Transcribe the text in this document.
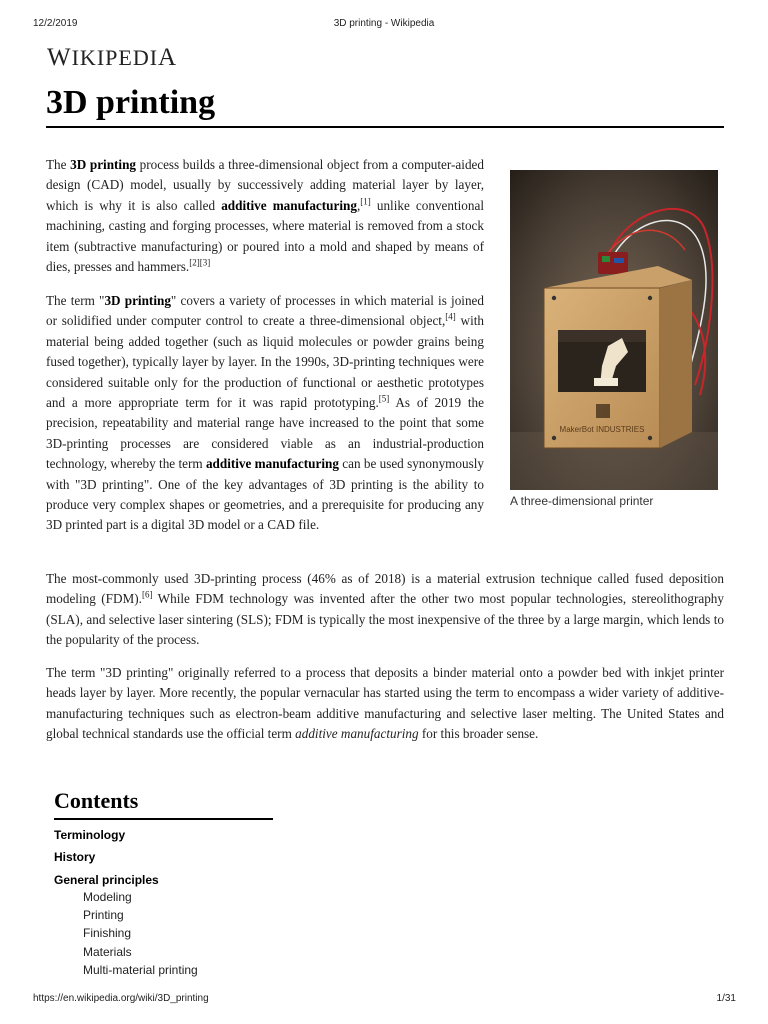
12/2/2019	3D printing - Wikipedia
WIKIPEDIA
3D printing

The 3D printing process builds a three-dimensional object from a computer-aided design (CAD) model, usually by successively adding material layer by layer, which is why it is also called additive manufacturing,[1] unlike conventional machining, casting and forging processes, where material is removed from a stock item (subtractive manufacturing) or poured into a mold and shaped by means of dies, presses and hammers.[2][3]

The term "3D printing" covers a variety of processes in which material is joined or solidified under computer control to create a three-dimensional object,[4] with material being added together (such as liquid molecules or powder grains being fused together), typically layer by layer. In the 1990s, 3D-printing techniques were considered suitable only for the production of functional or aesthetic prototypes and a more appropriate term for it was rapid prototyping.[5] As of 2019 the precision, repeatability and material range have increased to the point that some 3D-printing processes are considered viable as an industrial-production technology, whereby the term additive manufacturing can be used synonymously with "3D printing". One of the key advantages of 3D printing is the ability to produce very complex shapes or geometries, and a prerequisite for producing any 3D printed part is a digital 3D model or a CAD file.

The most-commonly used 3D-printing process (46% as of 2018) is a material extrusion technique called fused deposition modeling (FDM).[6] While FDM technology was invented after the other two most popular technologies, stereolithography (SLA), and selective laser sintering (SLS); FDM is typically the most inexpensive of the three by a large margin, which lends to the popularity of the process.

The term "3D printing" originally referred to a process that deposits a binder material onto a powder bed with inkjet printer heads layer by layer. More recently, the popular vernacular has started using the term to encompass a wider variety of additive-manufacturing techniques such as electron-beam additive manufacturing and selective laser melting. The United States and global technical standards use the official term additive manufacturing for this broader sense.

MakerBot INDUSTRIES
A three-dimensional printer
Contents
Terminology
History
General principles
Modeling
Printing
Finishing
Materials
Multi-material printing
https://en.wikipedia.org/wiki/3D_printing	1/31
